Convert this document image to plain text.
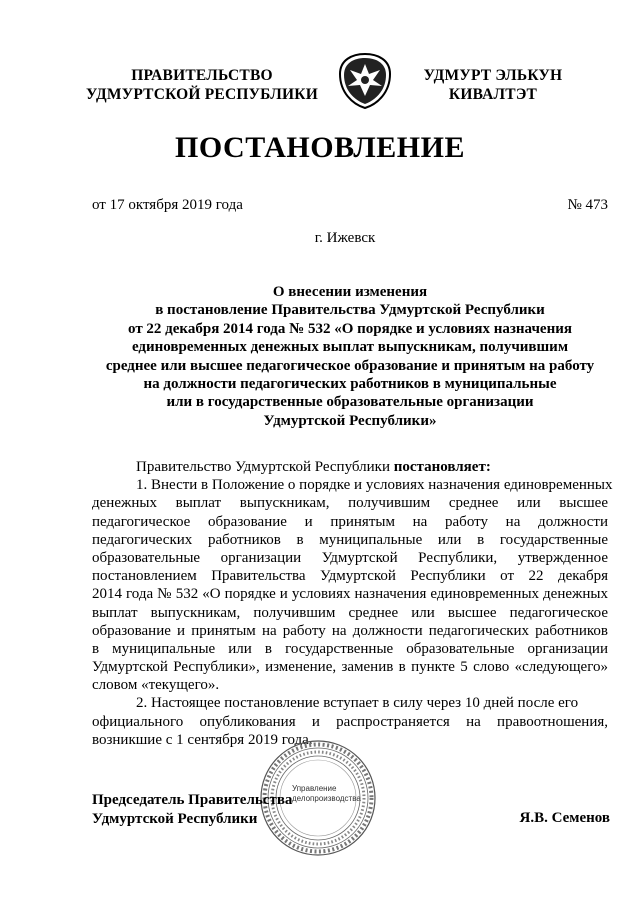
ПРАВИТЕЛЬСТВО
УДМУРТСКОЙ РЕСПУБЛИКИ
УДМУРТ ЭЛЬКУН
КИВАЛТЭТ
ПОСТАНОВЛЕНИЕ
от 17 октября 2019 года	№ 473
г. Ижевск
О внесении изменения
в постановление Правительства Удмуртской Республики
от 22 декабря 2014 года № 532 «О порядке и условиях назначения
единовременных денежных выплат выпускникам, получившим
среднее или высшее педагогическое образование и принятым на работу
на должности педагогических работников в муниципальные
или в государственные образовательные организации
Удмуртской Республики»
Правительство Удмуртской Республики постановляет:
1. Внести в Положение о порядке и условиях назначения единовременных
денежных выплат выпускникам, получившим среднее или высшее
педагогическое образование и принятым на работу на должности
педагогических работников в муниципальные или в государственные
образовательные организации Удмуртской Республики, утвержденное
постановлением Правительства Удмуртской Республики от 22 декабря
2014 года № 532 «О порядке и условиях назначения единовременных денежных
выплат выпускникам, получившим среднее или высшее педагогическое
образование и принятым на работу на должности педагогических работников
в муниципальные или в государственные образовательные организации
Удмуртской Республики», изменение, заменив в пункте 5 слово «следующего»
словом «текущего».
2. Настоящее постановление вступает в силу через 10 дней после его
официального опубликования и распространяется на правоотношения,
возникшие с 1 сентября 2019 года.
Управление
делопроизводства
Председатель Правительства
Удмуртской Республики	Я.В. Семенов
